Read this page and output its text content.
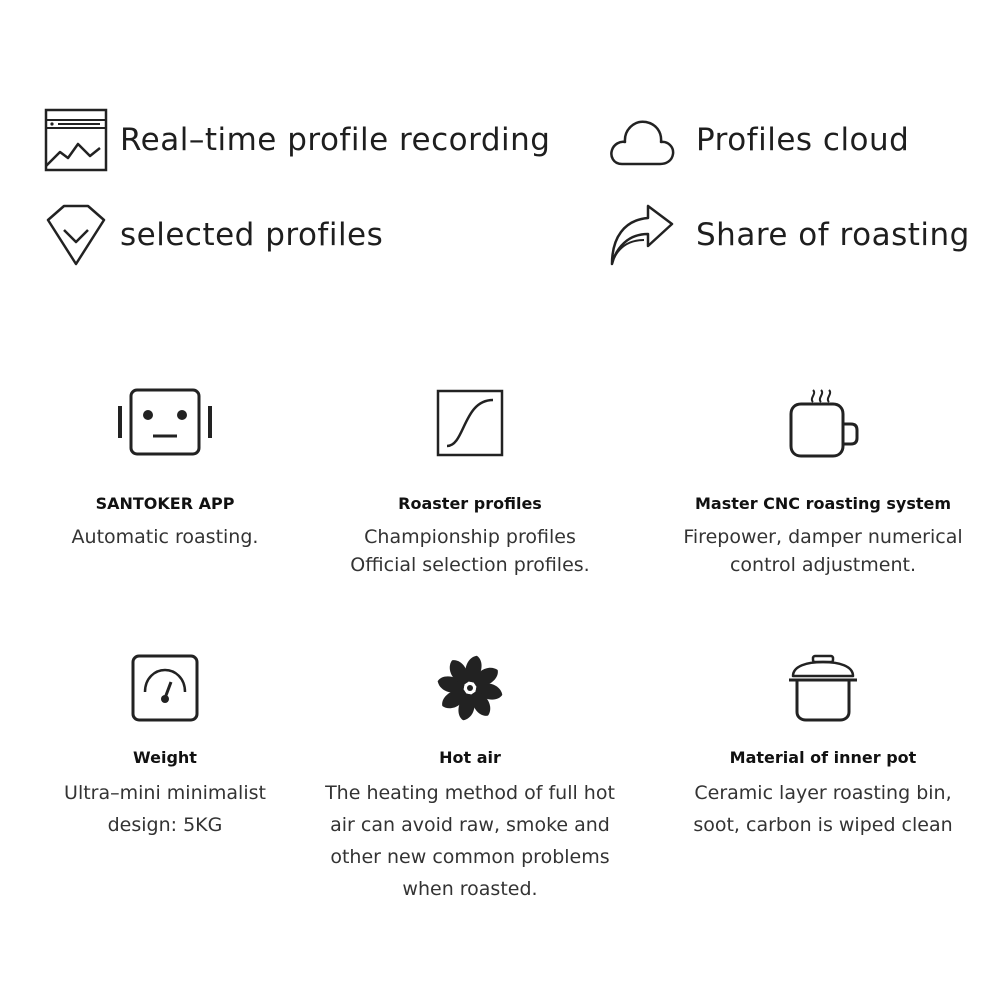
Real–time profile recording	Profiles cloud
selected profiles	Share of roasting
SANTOKER APP
Automatic roasting.
Roaster profiles
Championship profiles
Official selection profiles.
Master CNC roasting system
Firepower, damper numerical
control adjustment.
Weight
Ultra–mini minimalist
design: 5KG
Hot air
The heating method of full hot
air can avoid raw, smoke and
other new common problems
when roasted.
Material of inner pot
Ceramic layer roasting bin,
soot, carbon is wiped clean
